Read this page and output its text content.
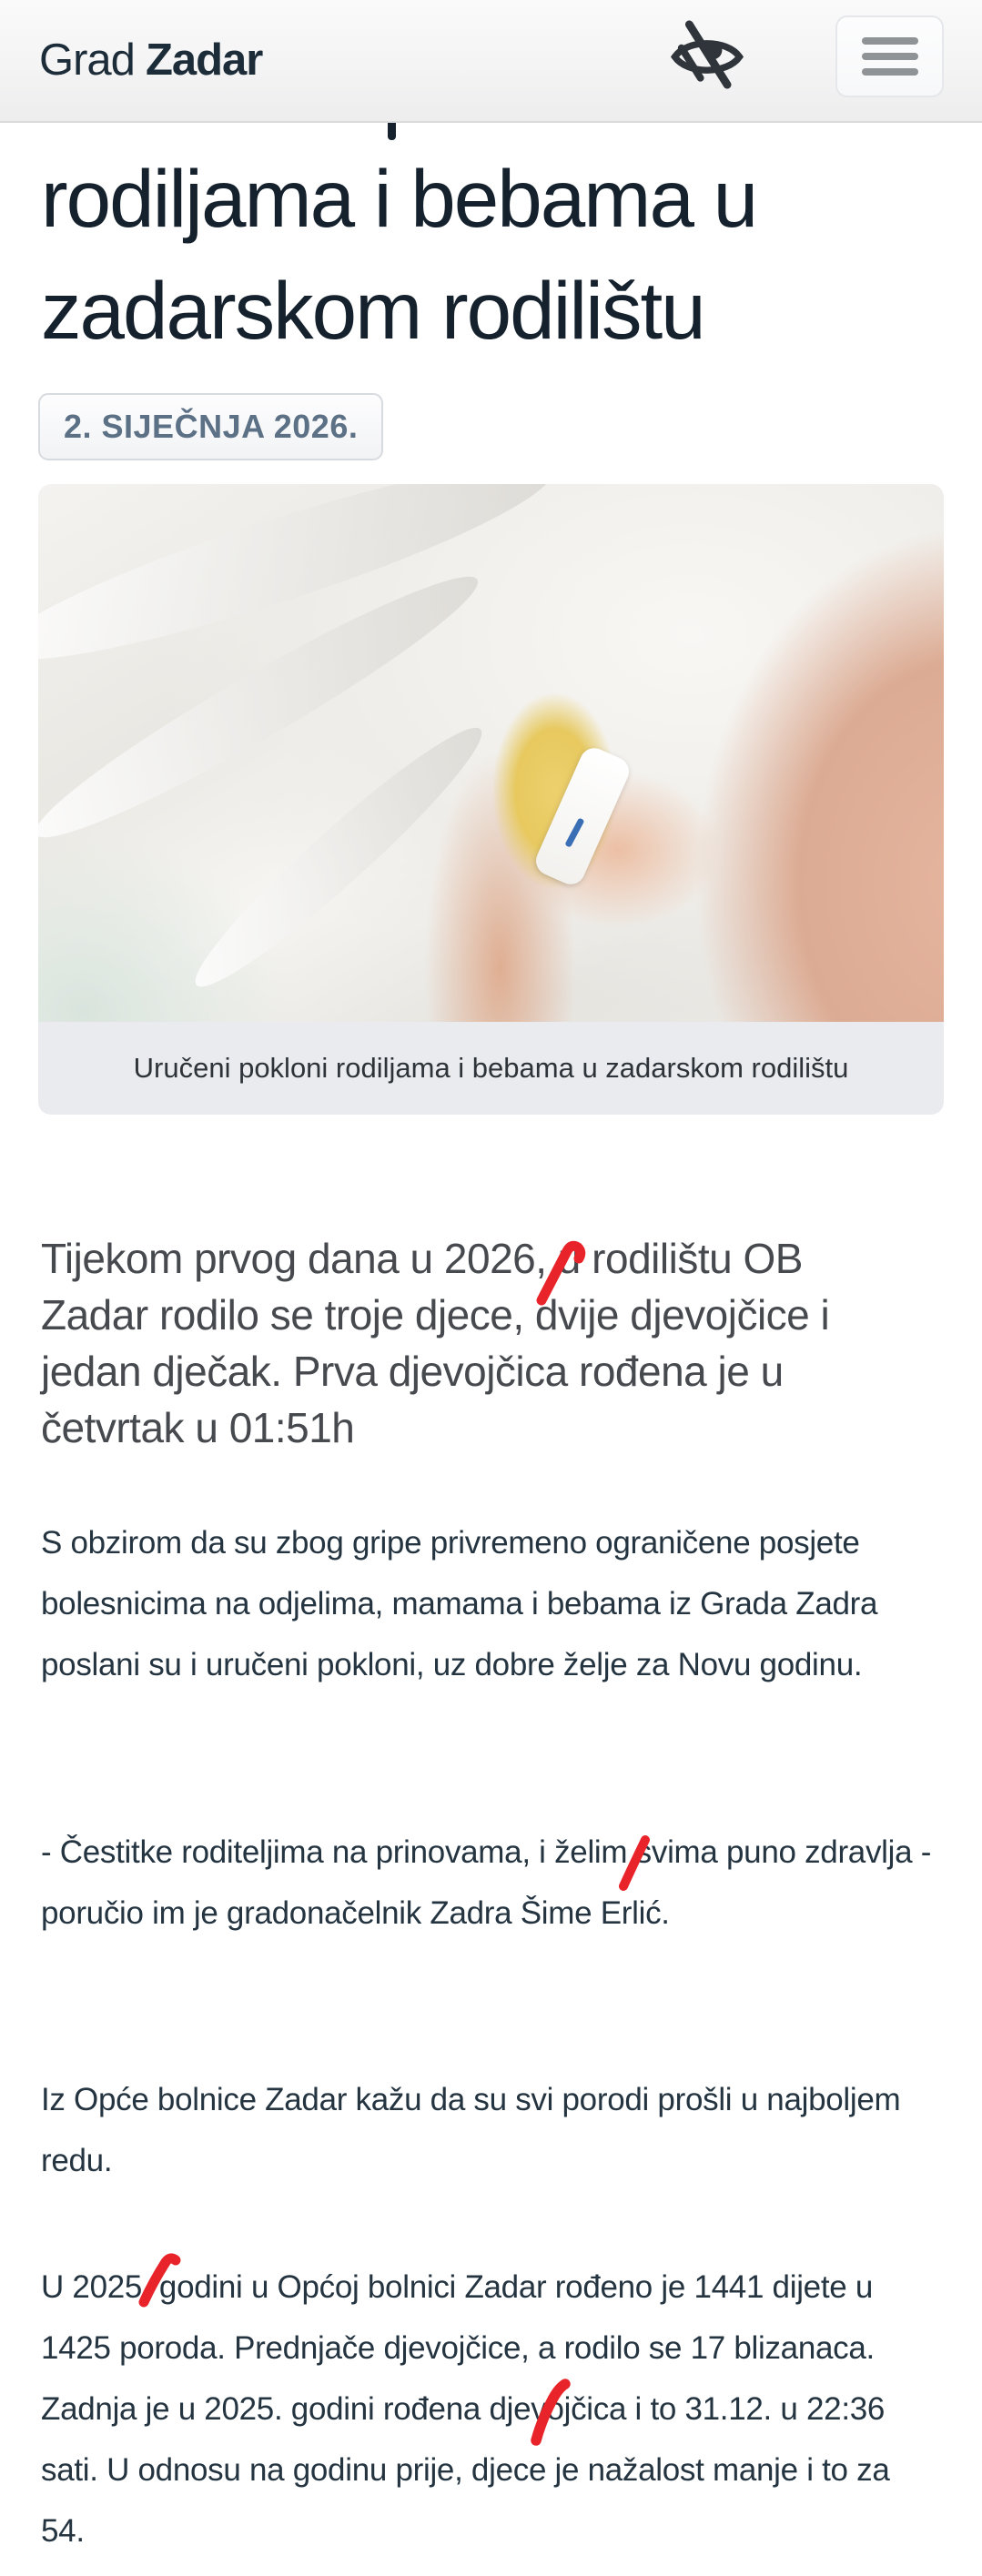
rodiljama i bebama u
zadarskom rodilištu
Grad Zadar
2. SIJEČNJA 2026.
Uručeni pokloni rodiljama i bebama u zadarskom rodilištu

Tijekom prvog dana u 2026, u rodilištu OB Zadar rodilo se troje djece, dvije djevojčice i jedan dječak. Prva djevojčica rođena je u četvrtak u 01:51h

S obzirom da su zbog gripe privremeno ograničene posjete bolesnicima na odjelima, mamama i bebama iz Grada Zadra poslani su i uručeni pokloni, uz dobre želje za Novu godinu.

- Čestitke roditeljima na prinovama, i želim svima puno zdravlja - poručio im je gradonačelnik Zadra Šime Erlić.

Iz Opće bolnice Zadar kažu da su svi porodi prošli u najboljem redu.

U 2025. godini u Općoj bolnici Zadar rođeno je 1441 dijete u 1425 poroda. Prednjače djevojčice, a rodilo se 17 blizanaca. Zadnja je u 2025. godini rođena djevojčica i to 31.12. u 22:36 sati. U odnosu na godinu prije, djece je nažalost manje i to za 54.
